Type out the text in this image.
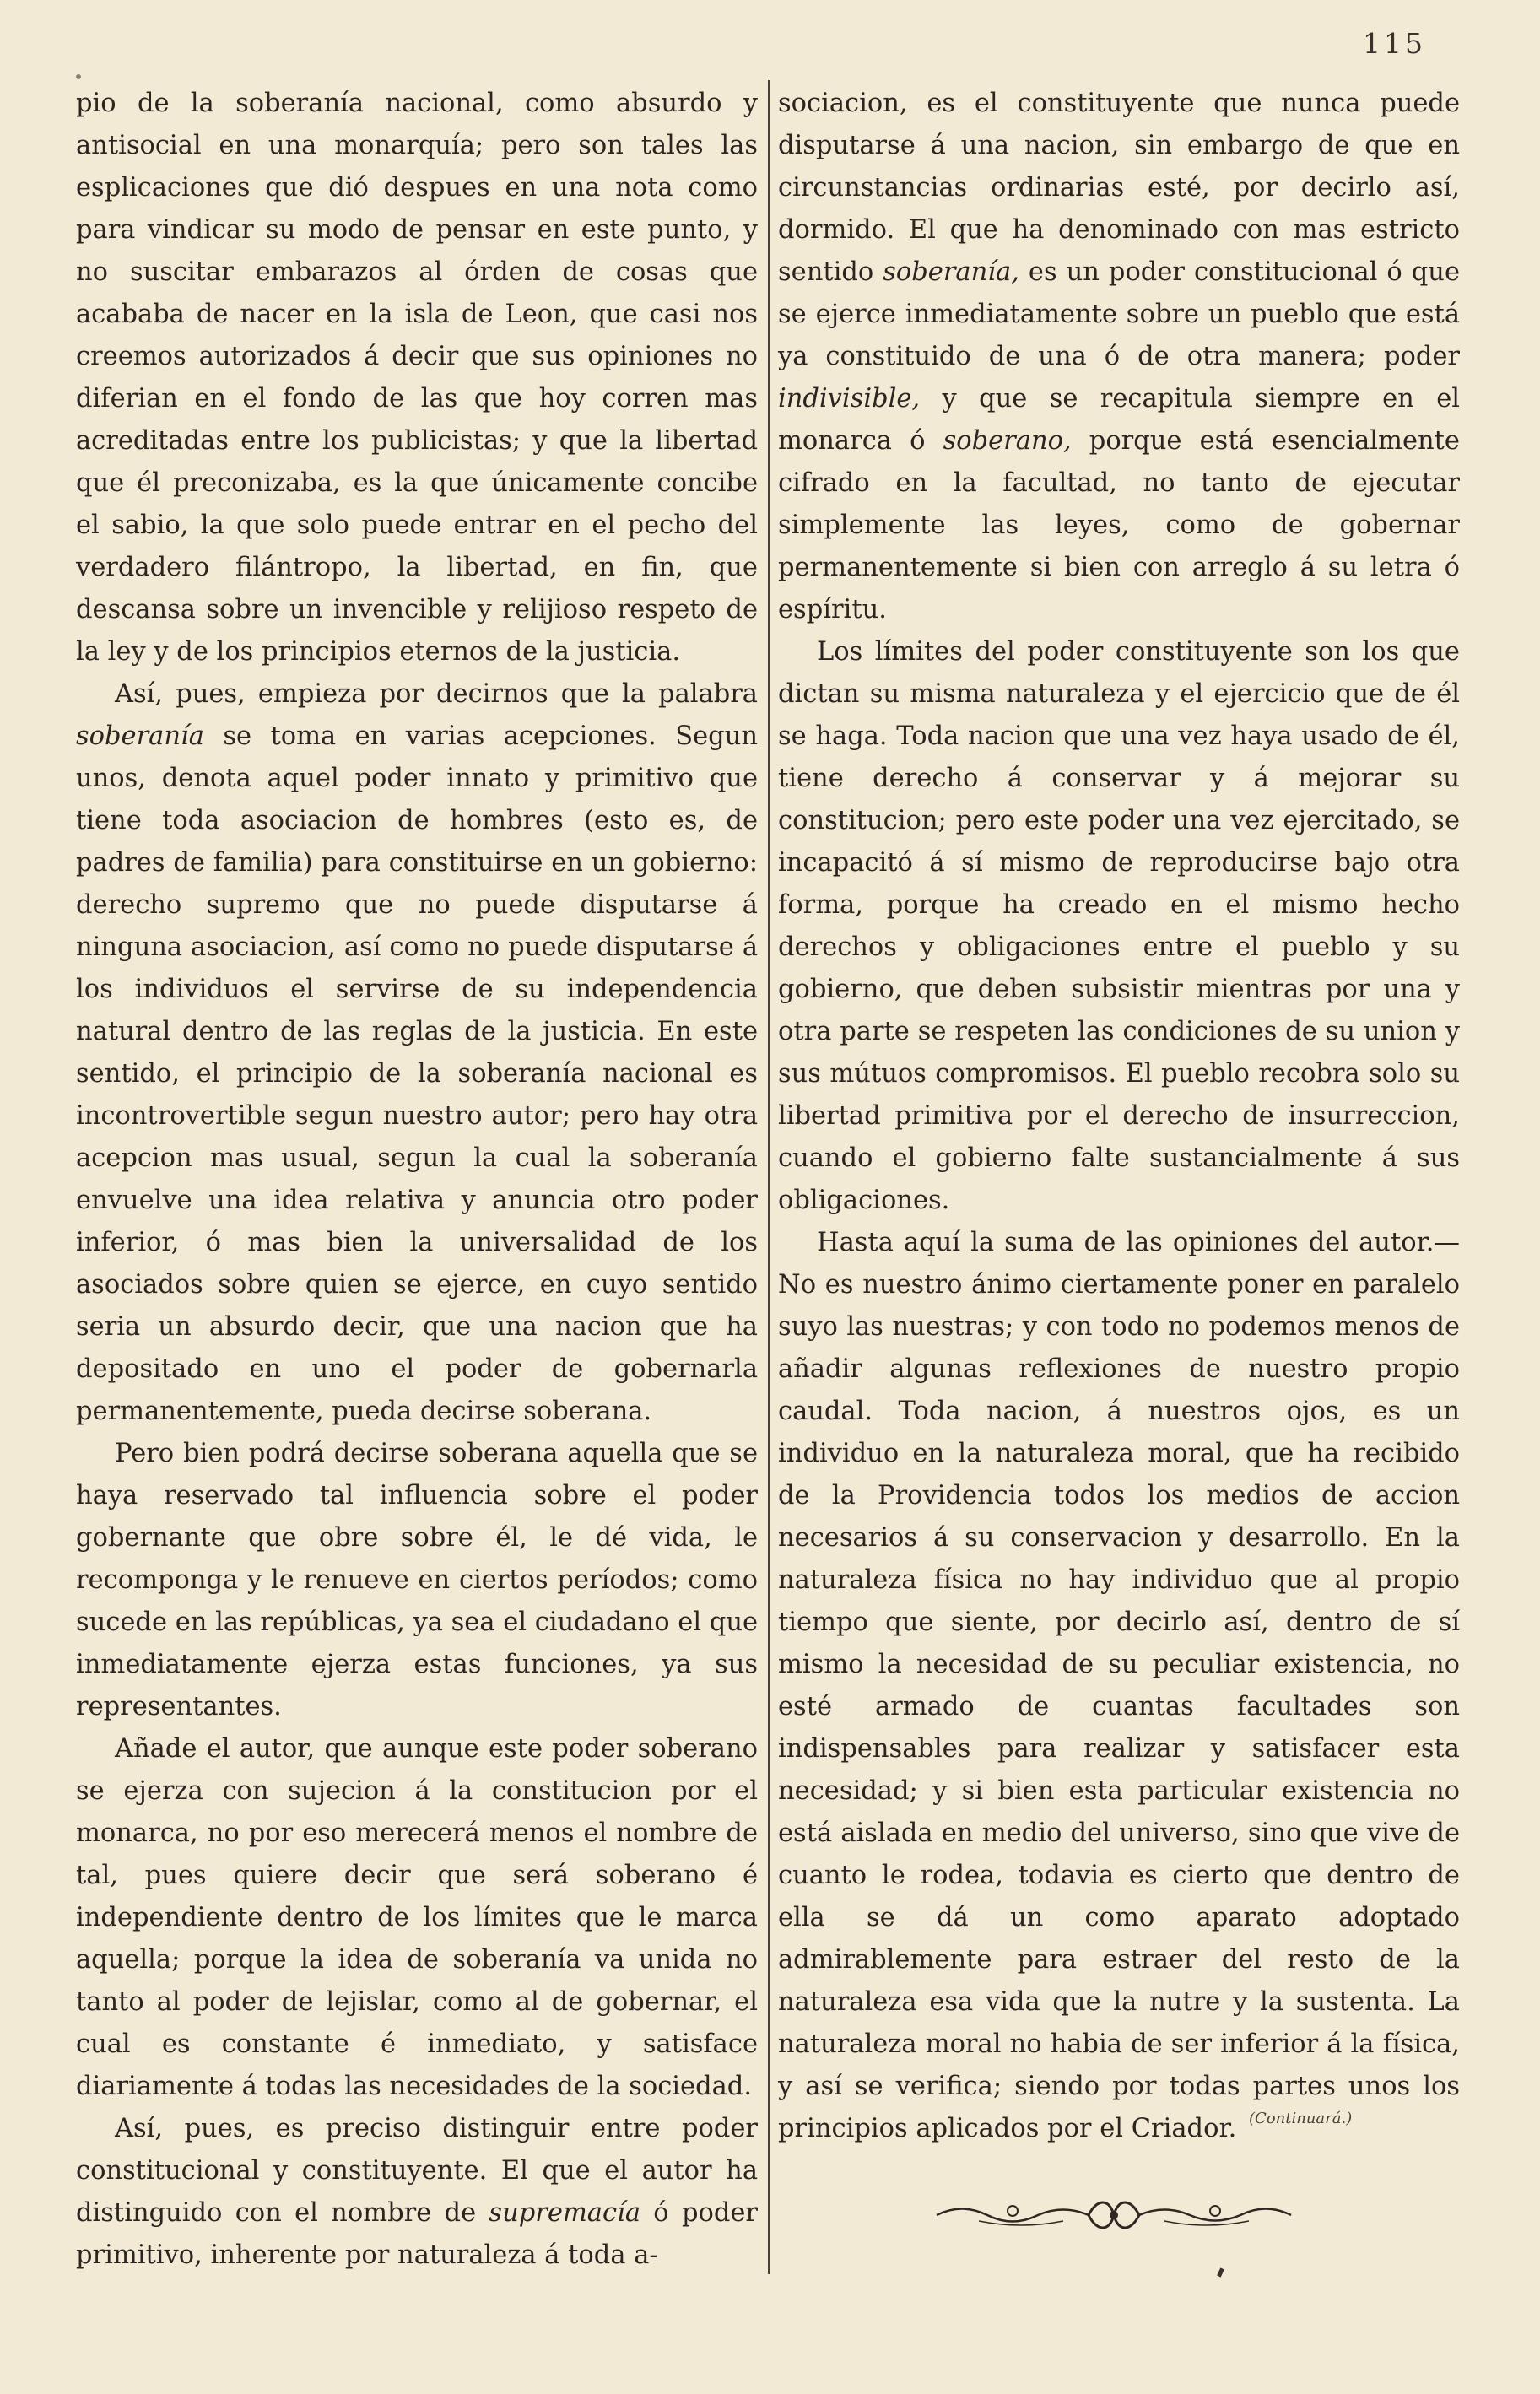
115

pio de la soberanía nacional, como absurdo y antisocial en una monarquía; pero son tales las esplicaciones que dió despues en una nota como para vindicar su modo de pensar en este punto, y no suscitar embarazos al órden de cosas que acababa de nacer en la isla de Leon, que casi nos creemos autorizados á decir que sus opiniones no diferian en el fondo de las que hoy corren mas acreditadas entre los publicistas; y que la libertad que él preconizaba, es la que únicamente concibe el sabio, la que solo puede entrar en el pecho del verdadero filántropo, la libertad, en fin, que descansa sobre un invencible y relijioso respeto de la ley y de los principios eternos de la justicia.

Así, pues, empieza por decirnos que la palabra soberanía se toma en varias acepciones. Segun unos, denota aquel poder innato y primitivo que tiene toda asociacion de hombres (esto es, de padres de familia) para constituirse en un gobierno: derecho supremo que no puede disputarse á ninguna asociacion, así como no puede disputarse á los individuos el servirse de su independencia natural dentro de las reglas de la justicia. En este sentido, el principio de la soberanía nacional es incontrovertible segun nuestro autor; pero hay otra acepcion mas usual, segun la cual la soberanía envuelve una idea relativa y anuncia otro poder inferior, ó mas bien la universalidad de los asociados sobre quien se ejerce, en cuyo sentido seria un absurdo decir, que una nacion que ha depositado en uno el poder de gobernarla permanentemente, pueda decirse soberana.

Pero bien podrá decirse soberana aquella que se haya reservado tal influencia sobre el poder gobernante que obre sobre él, le dé vida, le recomponga y le renueve en ciertos períodos; como sucede en las repúblicas, ya sea el ciudadano el que inmediatamente ejerza estas funciones, ya sus representantes.

Añade el autor, que aunque este poder soberano se ejerza con sujecion á la constitucion por el monarca, no por eso merecerá menos el nombre de tal, pues quiere decir que será soberano é independiente dentro de los límites que le marca aquella; porque la idea de soberanía va unida no tanto al poder de lejislar, como al de gobernar, el cual es constante é inmediato, y satisface diariamente á todas las necesidades de la sociedad.

Así, pues, es preciso distinguir entre poder constitucional y constituyente. El que el autor ha distinguido con el nombre de supremacía ó poder primitivo, inherente por naturaleza á toda a-

sociacion, es el constituyente que nunca puede disputarse á una nacion, sin embargo de que en circunstancias ordinarias esté, por decirlo así, dormido. El que ha denominado con mas estricto sentido soberanía, es un poder constitucional ó que se ejerce inmediatamente sobre un pueblo que está ya constituido de una ó de otra manera; poder indivisible, y que se recapitula siempre en el monarca ó soberano, porque está esencialmente cifrado en la facultad, no tanto de ejecutar simplemente las leyes, como de gobernar permanentemente si bien con arreglo á su letra ó espíritu.

Los límites del poder constituyente son los que dictan su misma naturaleza y el ejercicio que de él se haga. Toda nacion que una vez haya usado de él, tiene derecho á conservar y á mejorar su constitucion; pero este poder una vez ejercitado, se incapacitó á sí mismo de reproducirse bajo otra forma, porque ha creado en el mismo hecho derechos y obligaciones entre el pueblo y su gobierno, que deben subsistir mientras por una y otra parte se respeten las condiciones de su union y sus mútuos compromisos. El pueblo recobra solo su libertad primitiva por el derecho de insurreccion, cuando el gobierno falte sustancialmente á sus obligaciones.

Hasta aquí la suma de las opiniones del autor.—No es nuestro ánimo ciertamente poner en paralelo suyo las nuestras; y con todo no podemos menos de añadir algunas reflexiones de nuestro propio caudal. Toda nacion, á nuestros ojos, es un individuo en la naturaleza moral, que ha recibido de la Providencia todos los medios de accion necesarios á su conservacion y desarrollo. En la naturaleza física no hay individuo que al propio tiempo que siente, por decirlo así, dentro de sí mismo la necesidad de su peculiar existencia, no esté armado de cuantas facultades son indispensables para realizar y satisfacer esta necesidad; y si bien esta particular existencia no está aislada en medio del universo, sino que vive de cuanto le rodea, todavia es cierto que dentro de ella se dá un como aparato adoptado admirablemente para estraer del resto de la naturaleza esa vida que la nutre y la sustenta. La naturaleza moral no habia de ser inferior á la física, y así se verifica; siendo por todas partes unos los principios aplicados por el Criador. (Continuará.)
